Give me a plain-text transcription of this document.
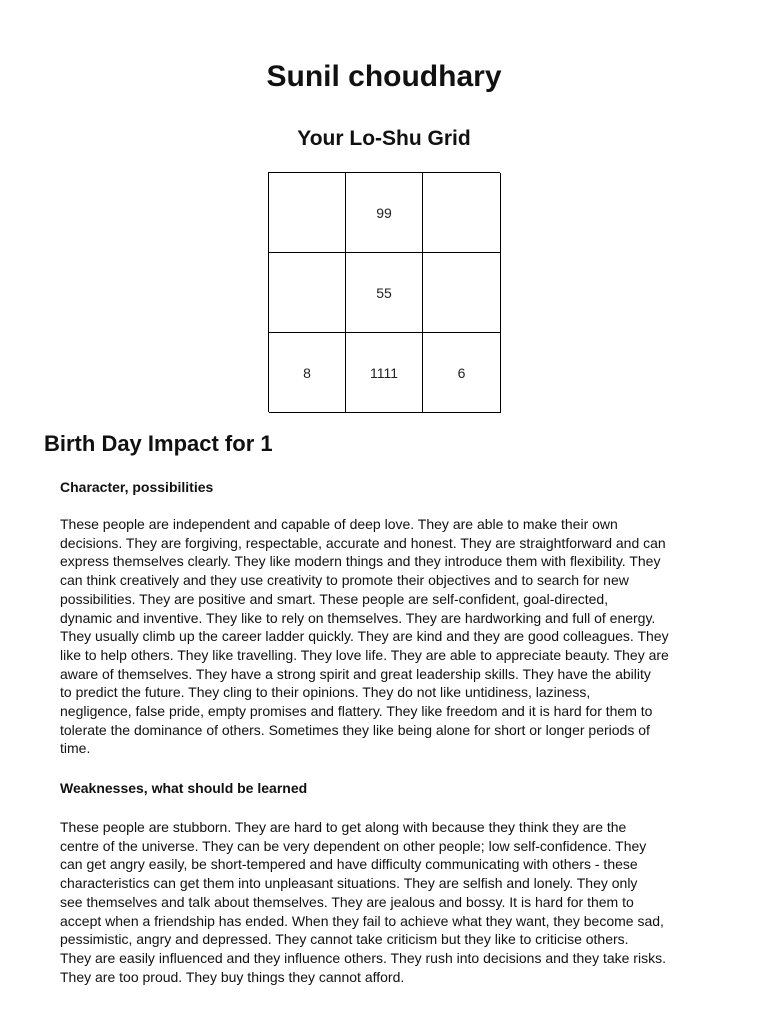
Sunil choudhary
Your Lo-Shu Grid
99
55
8	1111	6
Birth Day Impact for 1
Character, possibilities
These people are independent and capable of deep love. They are able to make their own
decisions. They are forgiving, respectable, accurate and honest. They are straightforward and can
express themselves clearly. They like modern things and they introduce them with flexibility. They
can think creatively and they use creativity to promote their objectives and to search for new
possibilities. They are positive and smart. These people are self-confident, goal-directed,
dynamic and inventive. They like to rely on themselves. They are hardworking and full of energy.
They usually climb up the career ladder quickly. They are kind and they are good colleagues. They
like to help others. They like travelling. They love life. They are able to appreciate beauty. They are
aware of themselves. They have a strong spirit and great leadership skills. They have the ability
to predict the future. They cling to their opinions. They do not like untidiness, laziness,
negligence, false pride, empty promises and flattery. They like freedom and it is hard for them to
tolerate the dominance of others. Sometimes they like being alone for short or longer periods of
time.
Weaknesses, what should be learned
These people are stubborn. They are hard to get along with because they think they are the
centre of the universe. They can be very dependent on other people; low self-confidence. They
can get angry easily, be short-tempered and have difficulty communicating with others - these
characteristics can get them into unpleasant situations. They are selfish and lonely. They only
see themselves and talk about themselves. They are jealous and bossy. It is hard for them to
accept when a friendship has ended. When they fail to achieve what they want, they become sad,
pessimistic, angry and depressed. They cannot take criticism but they like to criticise others.
They are easily influenced and they influence others. They rush into decisions and they take risks.
They are too proud. They buy things they cannot afford.
